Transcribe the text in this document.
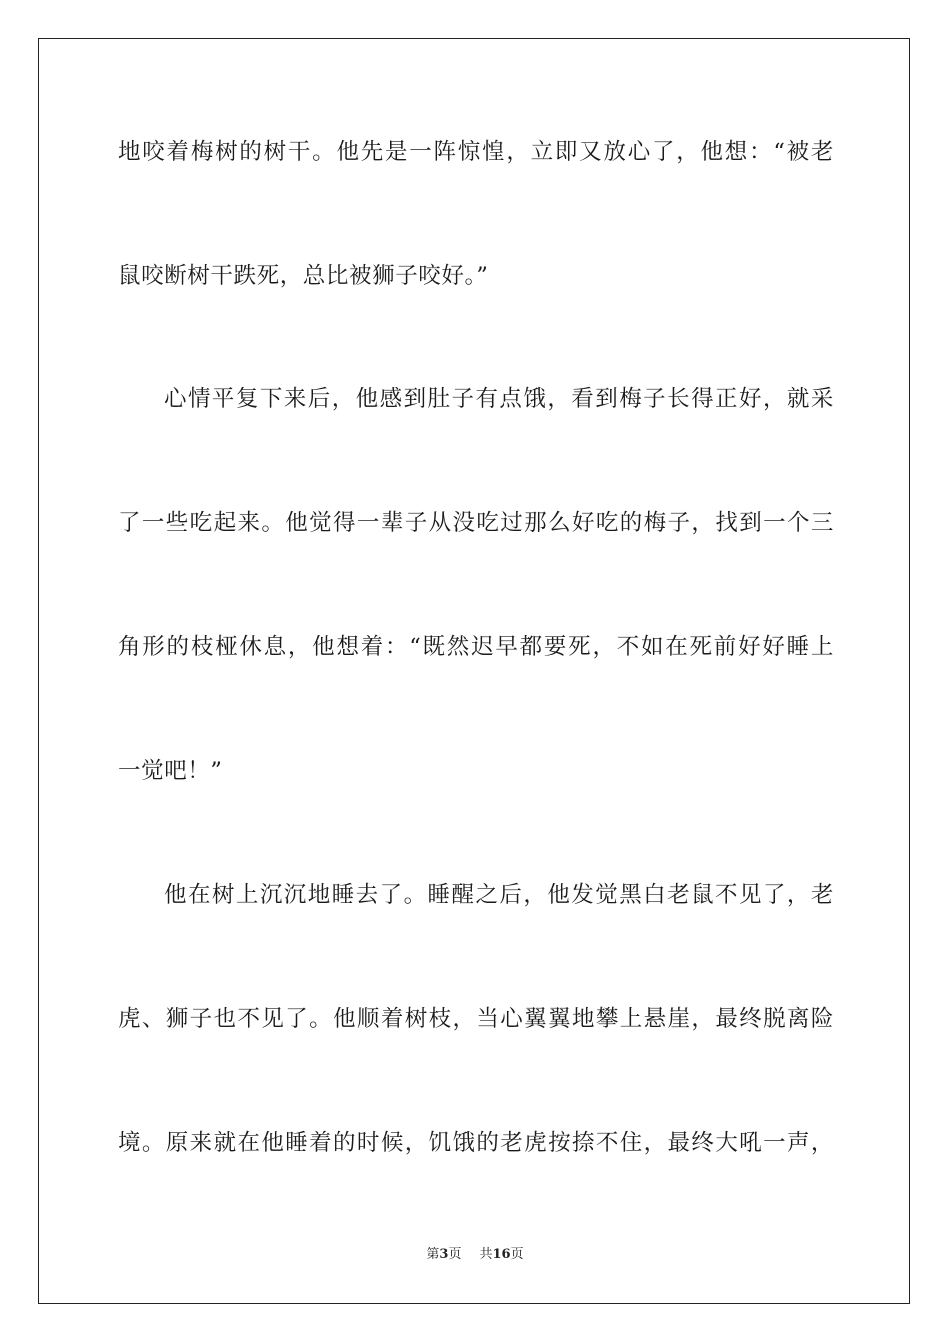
地咬着梅树的树干。他先是一阵惊惶，立即又放心了，他想：“被老
鼠咬断树干跌死，总比被狮子咬好。”
心情平复下来后，他感到肚子有点饿，看到梅子长得正好，就采
了一些吃起来。他觉得一辈子从没吃过那么好吃的梅子，找到一个三
角形的枝桠休息，他想着：“既然迟早都要死，不如在死前好好睡上
一觉吧！”
他在树上沉沉地睡去了。睡醒之后，他发觉黑白老鼠不见了，老
虎、狮子也不见了。他顺着树枝，当心翼翼地攀上悬崖，最终脱离险
境。原来就在他睡着的时候，饥饿的老虎按捺不住，最终大吼一声，
第3页 共16页
